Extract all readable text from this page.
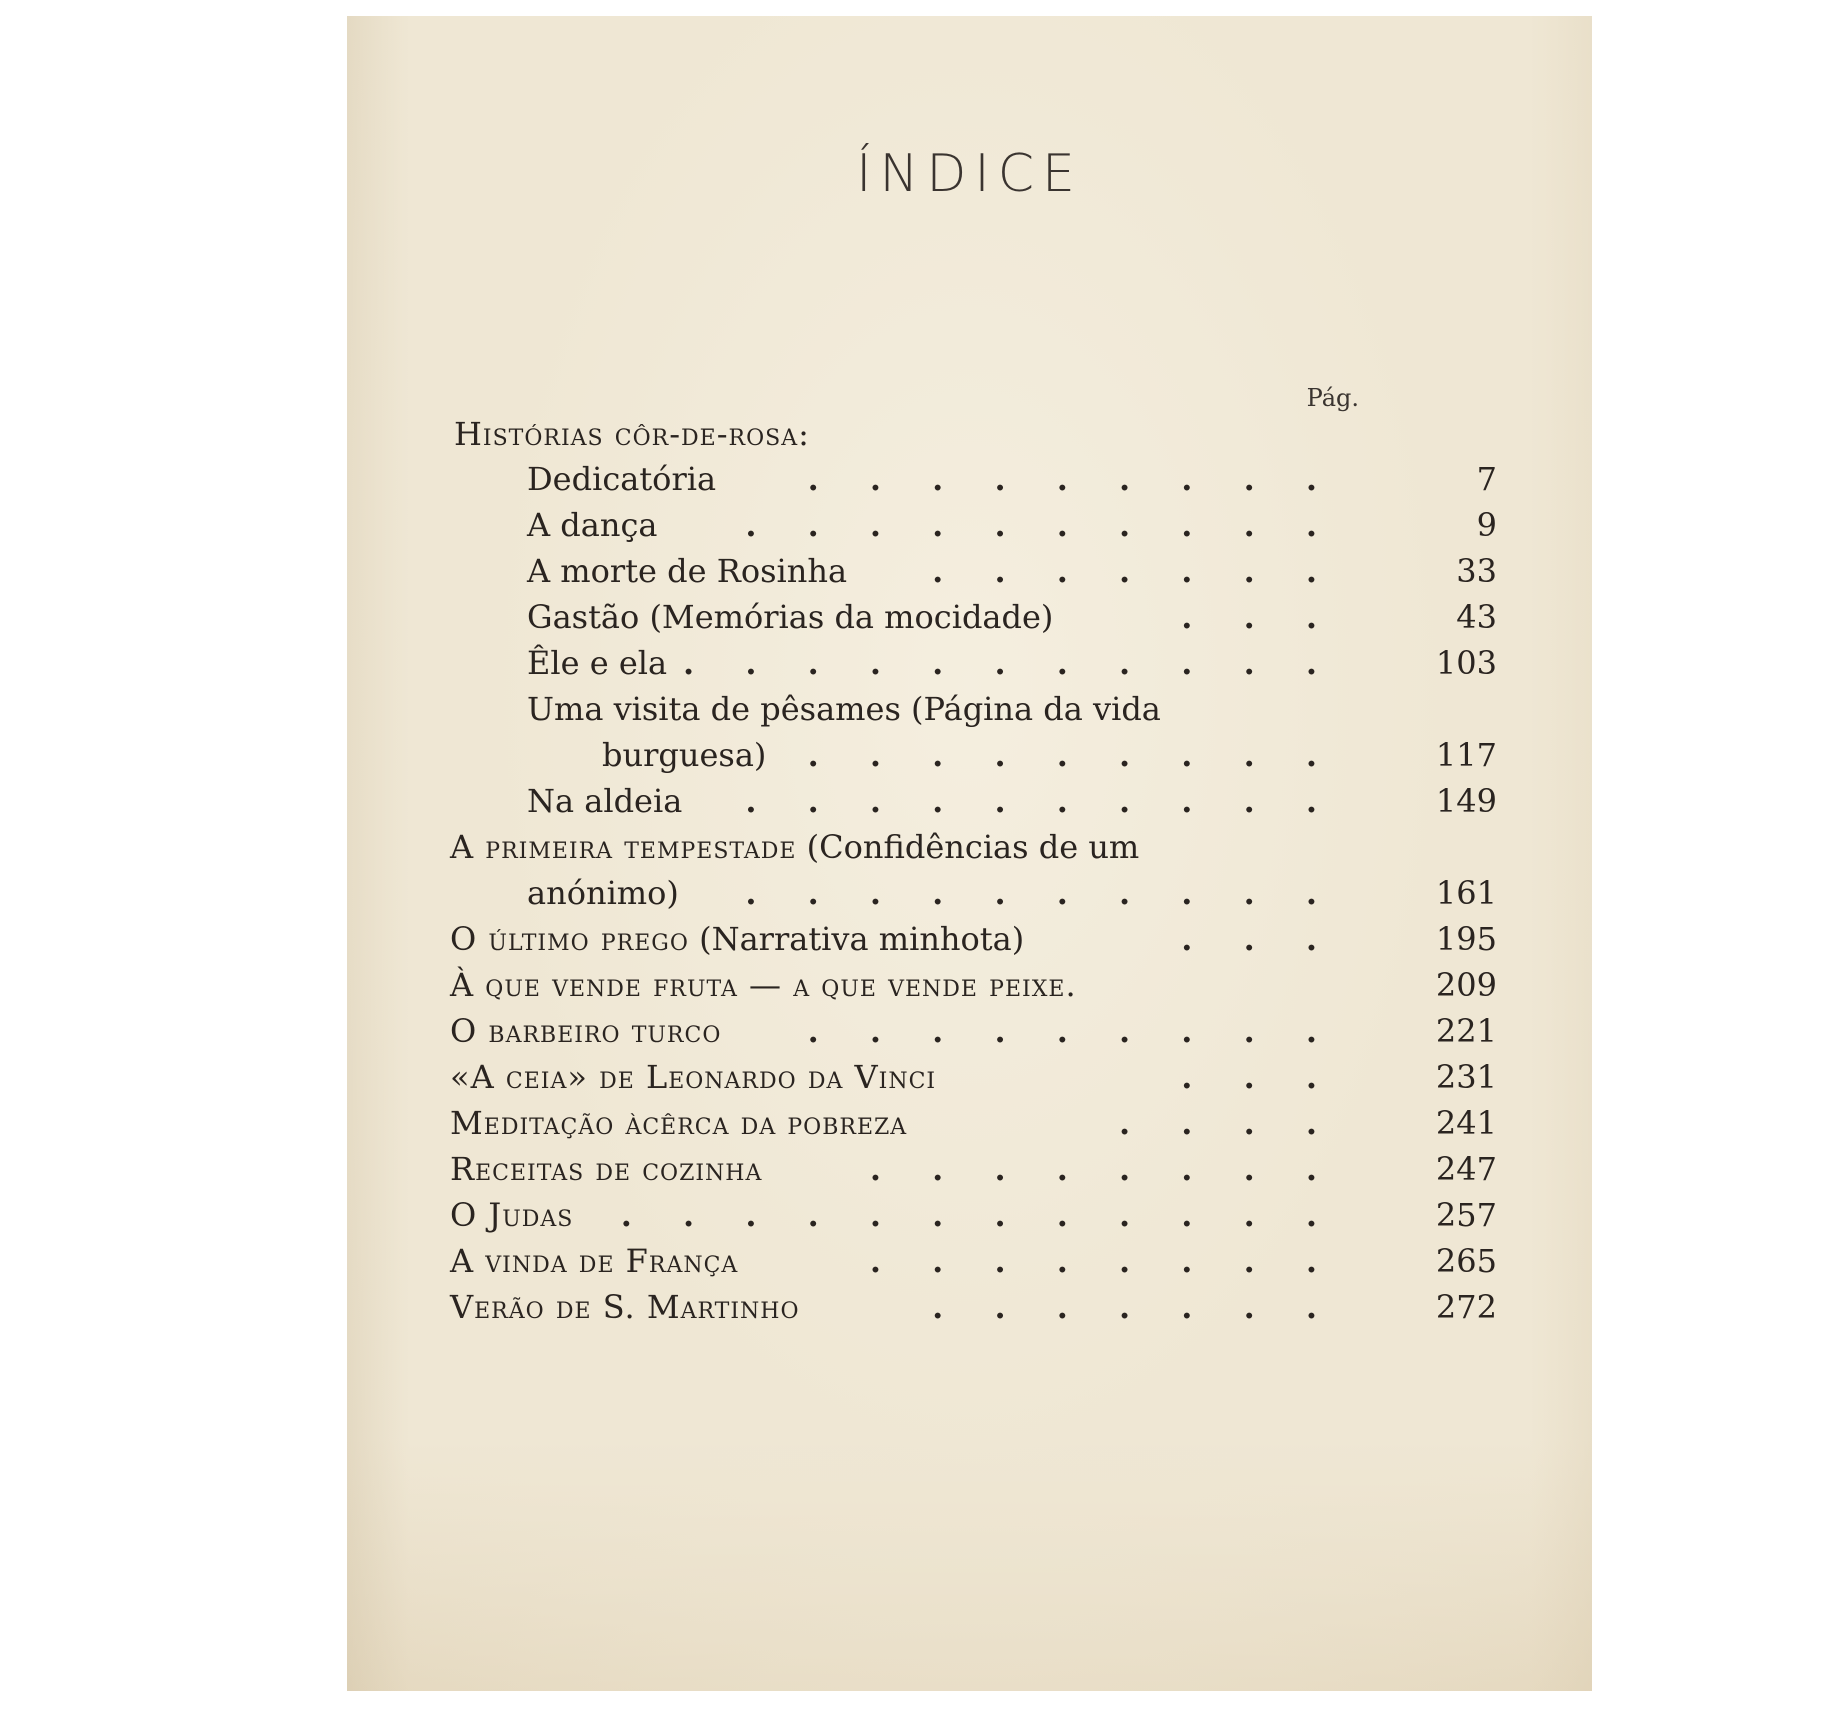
ÍNDICE
Pág.
Histórias côr-de-rosa:
Dedicatória	. . . . . . . . .	7
A dança	. . . . . . . . . .	9
A morte de Rosinha	. . . . . . .	33
Gastão (Memórias da mocidade)	. . .	43
Êle e ela	. . . . . . . . . . .	103
Uma visita de pêsames (Página da vida
burguesa)	. . . . . . . . .	117
Na aldeia	. . . . . . . . . .	149
A primeira tempestade (Confidências de um
anónimo)	. . . . . . . . . .	161
O último prego (Narrativa minhota)	. . .	195
À que vende fruta — a que vende peixe.	209
O barbeiro turco	. . . . . . . . .	221
«A ceia» de Leonardo da Vinci	. . .	231
Meditação àcêrca da pobreza	. . . .	241
Receitas de cozinha	. . . . . . . .	247
O Judas	. . . . . . . . . . . .	257
A vinda de França	. . . . . . . .	265
Verão de S. Martinho	. . . . . . .	272
